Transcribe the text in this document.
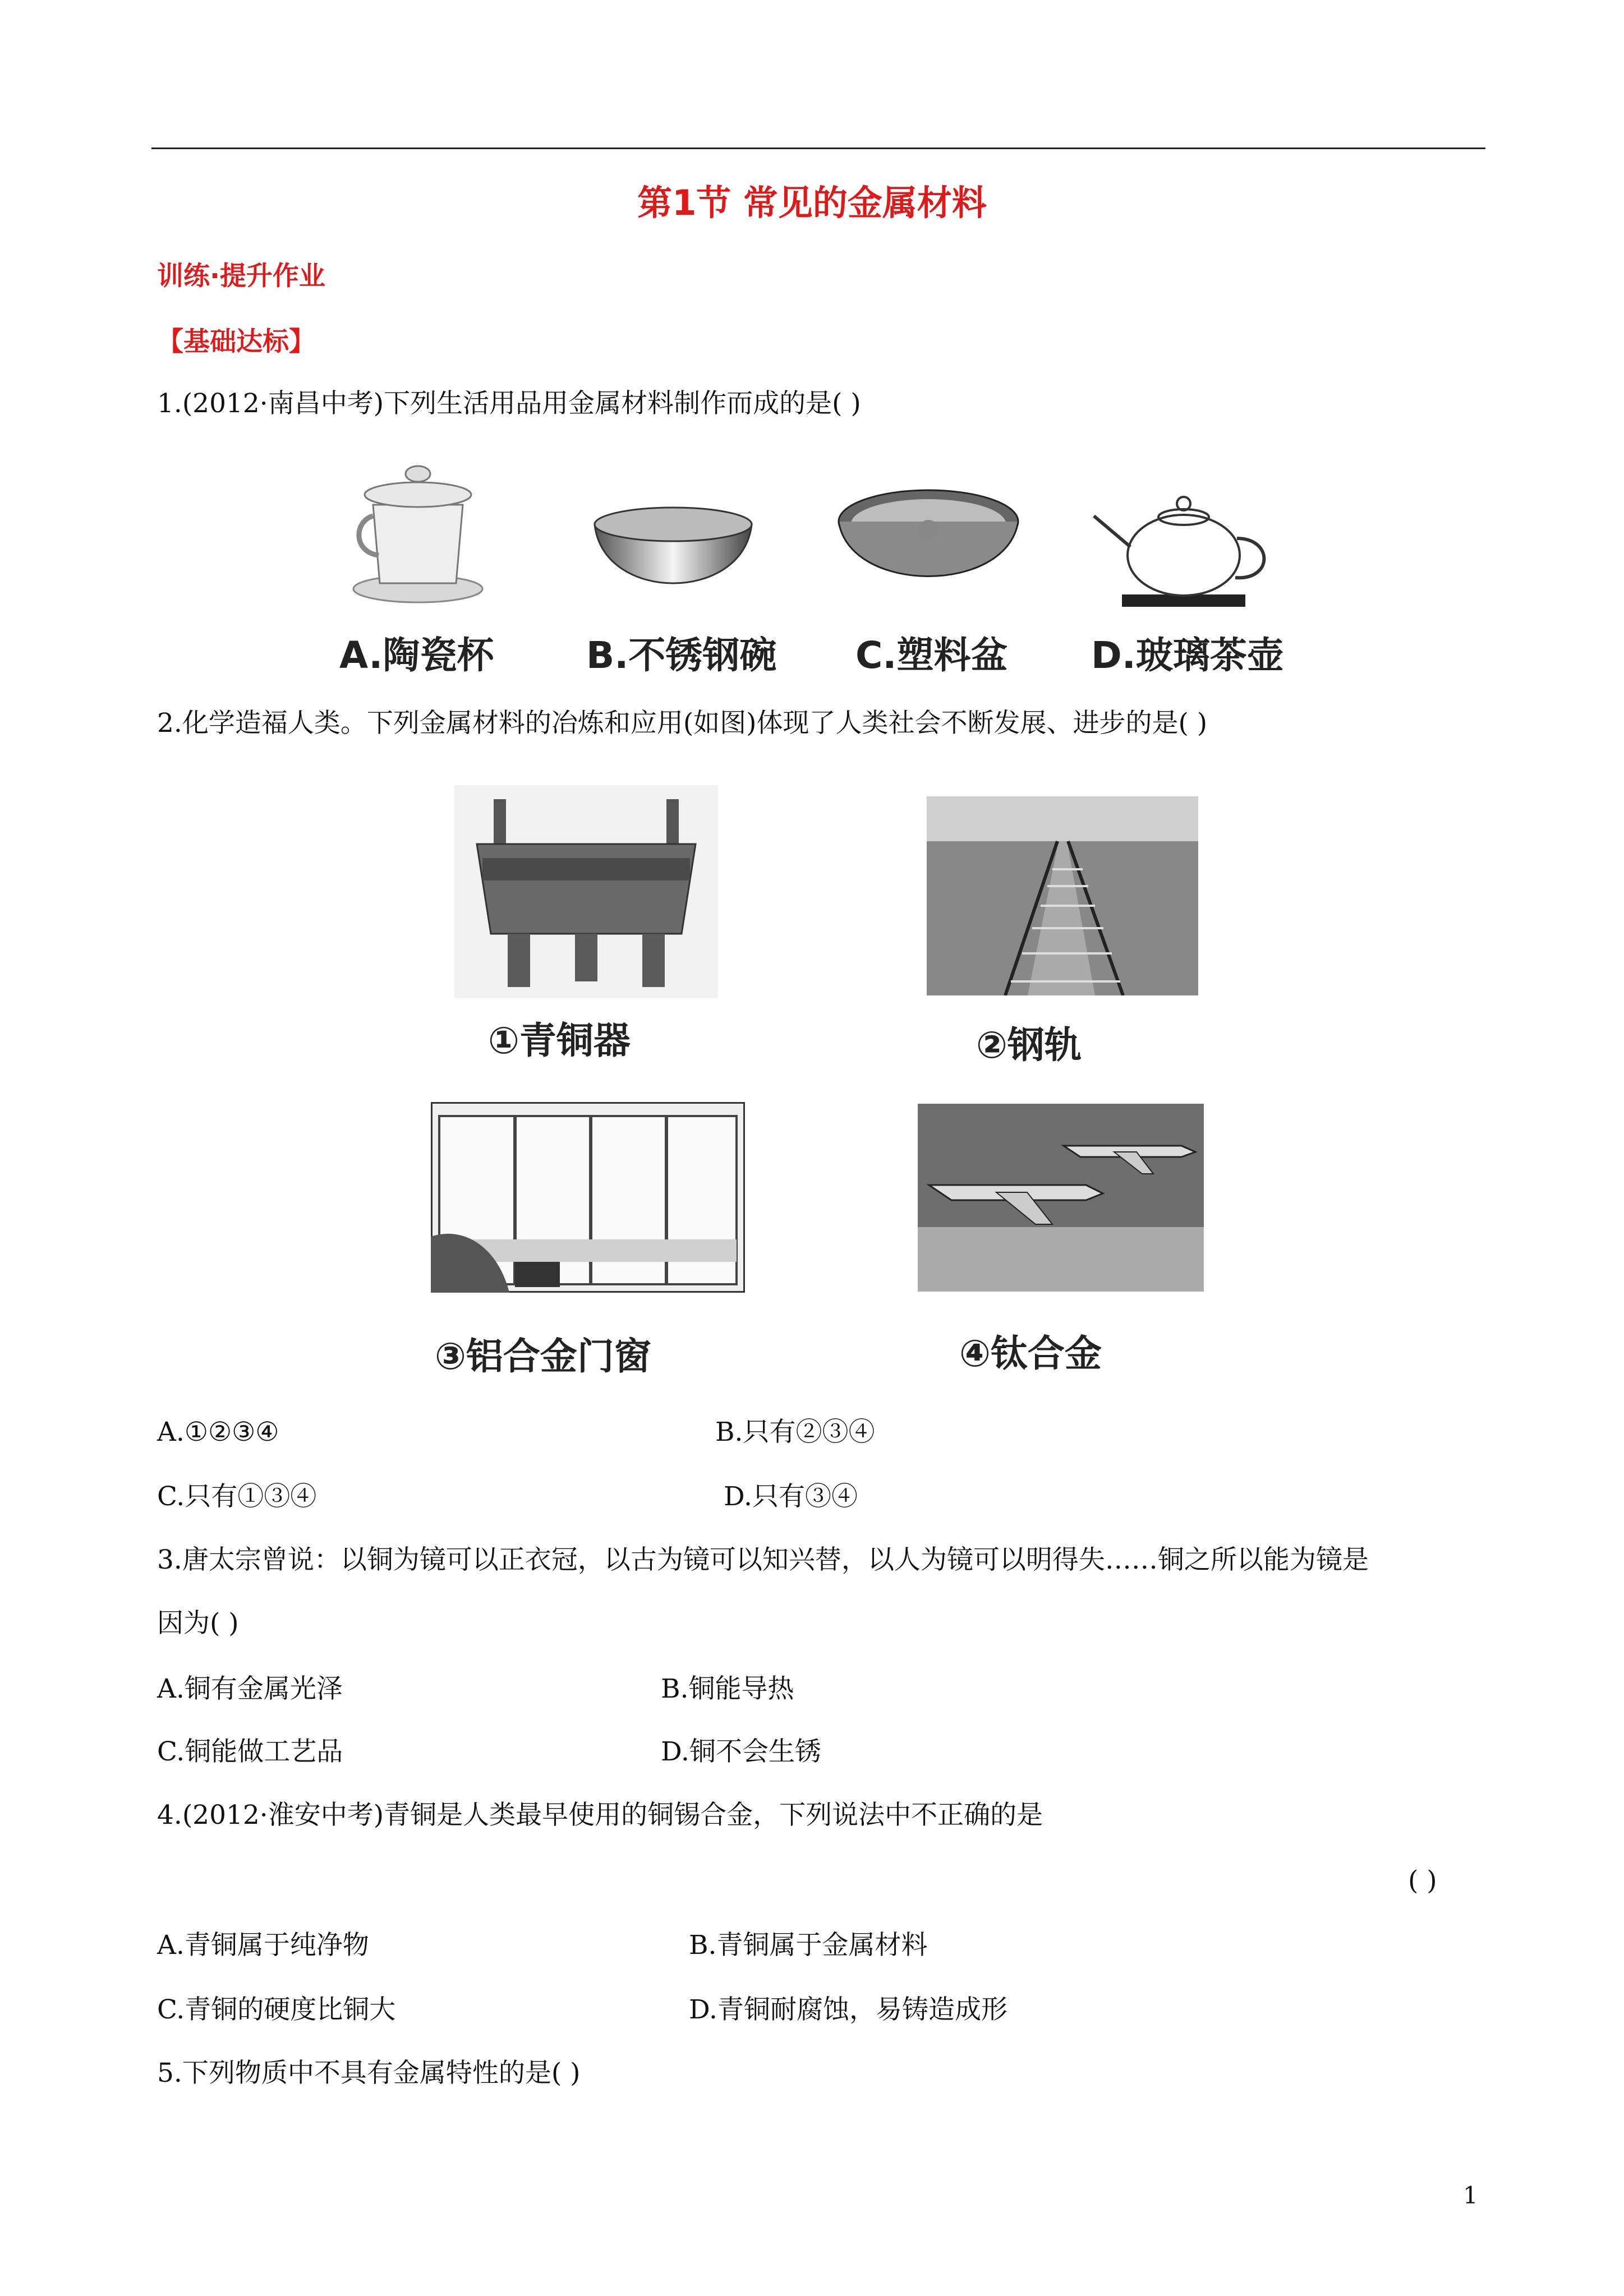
第1节 常见的金属材料
训练·提升作业
【基础达标】
1.(2012·南昌中考)下列生活用品用金属材料制作而成的是( )
A.陶瓷杯 B.不锈钢碗 C.塑料盆 D.玻璃茶壶
2.化学造福人类。下列金属材料的冶炼和应用(如图)体现了人类社会不断发展、进步的是( )
①青铜器	②钢轨
③铝合金门窗	④钛合金
A.①②③④	B.只有②③④
C.只有①③④	D.只有③④
3.唐太宗曾说：以铜为镜可以正衣冠，以古为镜可以知兴替，以人为镜可以明得失……铜之所以能为镜是
因为( )
A.铜有金属光泽	B.铜能导热
C.铜能做工艺品	D.铜不会生锈
4.(2012·淮安中考)青铜是人类最早使用的铜锡合金，下列说法中不正确的是
( )
A.青铜属于纯净物	B.青铜属于金属材料
C.青铜的硬度比铜大	D.青铜耐腐蚀，易铸造成形
5.下列物质中不具有金属特性的是( )
1
